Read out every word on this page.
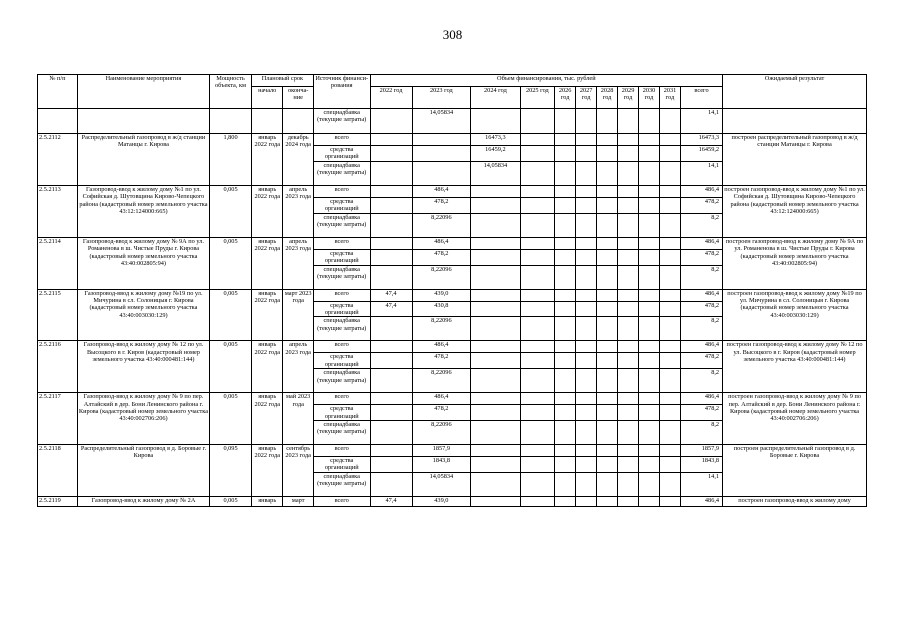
308
№ п/п	Наименование мероприятия	Мощность объекта, км	Плановый срок		Источник финанси-рования	Объем финансирования, тыс. рублей											Ожидаемый результат
			начало	оконча-ние		2022 год	2023 год	2024 год	2025 год	2026 год	2027 год	2028 год	2029 год	2030 год	2031 год	всего	

					спецнадбавка (текущие затраты)		14,05834									14,1	
2.5.2112	Распределительный газопровод в ж/д станции Матанцы г. Кирова	1,800	январь 2022 года	декабрь 2024 года	всего			16473,3								16473,3	построен распределительный газопровод в ж/д станции Матанцы г. Кирова
					средства организаций			16459,2								16459,2	
					спецнадбавка (текущие затраты)			14,05834								14,1	
2.5.2113	Газопровод-ввод к жилому дому №1 по ул. Софийская д. Шутовщина Кирово-Чепецкого района (кадастровый номер земельного участка 43:12:124000:665)	0,005	январь 2022 года	апрель 2023 года	всего		486,4									486,4	построен газопровод-ввод к жилому дому №1 по ул. Софийская д. Шутовщина Кирово-Чепецкого района (кадастровый номер земельного участка 43:12:124000:665)
					средства организаций		478,2									478,2	
					спецнадбавка (текущие затраты)		8,22096									8,2	
2.5.2114	Газопровод-ввод к жилому дому № 9А по ул. Романенова в ш. Чистые Пруды г. Кирова (кадастровый номер земельного участка 43:40:002805:94)	0,005	январь 2022 года	апрель 2023 года	всего		486,4									486,4	построен газопровод-ввод к жилому дому № 9А по ул. Романенова в ш. Чистые Пруды г. Кирова (кадастровый номер земельного участка 43:40:002805:94)
					средства организаций		478,2									478,2	
					спецнадбавка (текущие затраты)		8,22096									8,2	
2.5.2115	Газопровод-ввод к жилому дому №19 по ул. Мичурина в сл. Солоницыя г. Кирова (кадастровый номер земельного участка 43:40:003030:129)	0,005	январь 2022 года	март 2023 года	всего	47,4	439,0									486,4	построен газопровод-ввод к жилому дому №19 по ул. Мичурина в сл. Солоницыя г. Кирова (кадастровый номер земельного участка 43:40:003030:129)
					средства организаций	47,4	430,8									478,2	
					спецнадбавка (текущие затраты)		8,22096									8,2	
2.5.2116	Газопровод-ввод к жилому дому № 12 по ул. Высоцкого в г. Киров (кадастровый номер земельного участка 43:40:000481:144)	0,005	январь 2022 года	апрель 2023 года	всего		486,4									486,4	построен газопровод-ввод к жилому дому № 12 по ул. Высоцкого в г. Киров (кадастровый номер земельного участка 43:40:000481:144)
					средства организаций		478,2									478,2	
					спецнадбавка (текущие затраты)		8,22096									8,2	
2.5.2117	Газопровод-ввод к жилому дому № 9 по пер. Алтайский в дер. Бони Ленинского района г. Кирова (кадастровый номер земельного участка 43:40:002706:206)	0,005	январь 2022 года	май 2023 года	всего		486,4									486,4	построен газопровод-ввод к жилому дому № 9 по пер. Алтайский в дер. Бони Ленинского района г. Кирова (кадастровый номер земельного участка 43:40:002706:206)
					средства организаций		478,2									478,2	
					спецнадбавка (текущие затраты)		8,22096									8,2	
2.5.2118	Распределительный газопровод в д. Боровые г. Кирова	0,095	январь 2022 года	сентябрь 2023 года	всего		1857,9									1857,9	построен распределительный газопровод в д. Боровые г. Кирова
					средства организаций		1843,8									1843,8	
					спецнадбавка (текущие затраты)		14,05834									14,1	
2.5.2119	Газопровод-ввод к жилому дому № 2А	0,005	январь	март	всего	47,4	439,0									486,4	построен газопровод-ввод к жилому дому
